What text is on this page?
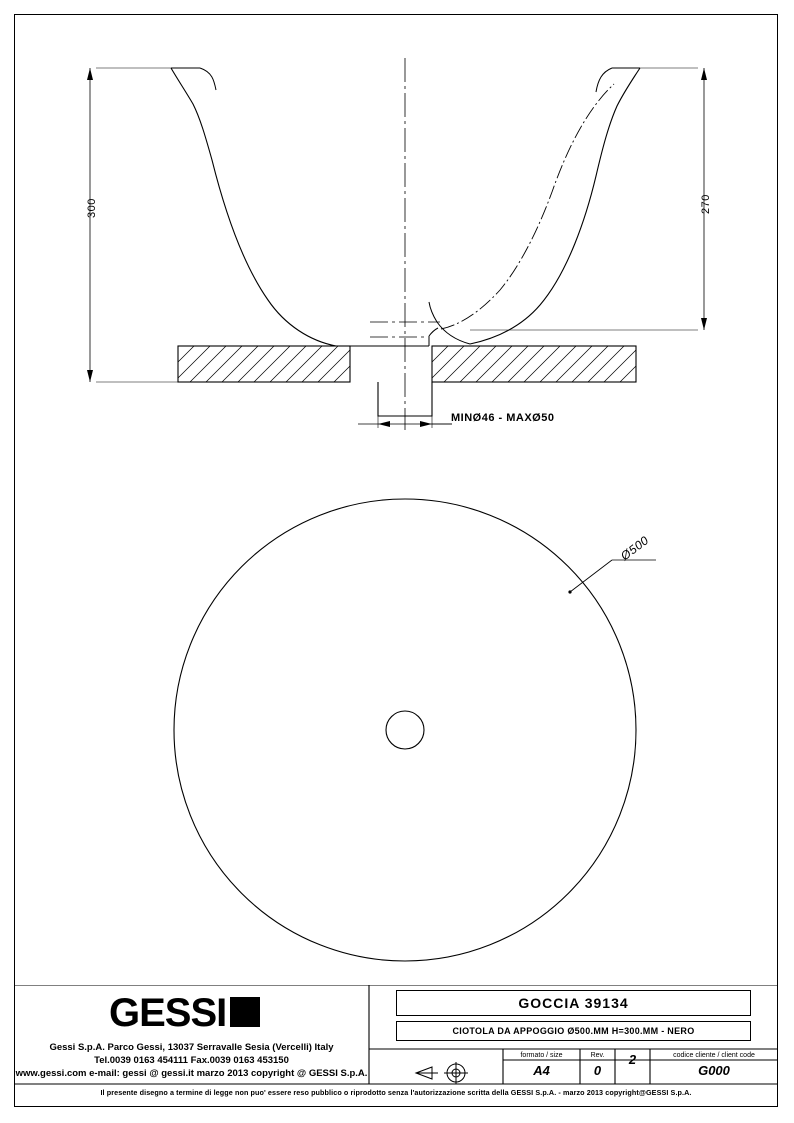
300	270
MINØ46 - MAXØ50
Ø500
GESSI
Gessi S.p.A. Parco Gessi, 13037 Serravalle Sesia (Vercelli) Italy
Tel.0039 0163 454111 Fax.0039 0163 453150
www.gessi.com e-mail: gessi @ gessi.it marzo 2013 copyright @ GESSI S.p.A.
GOCCIA 39134
CIOTOLA DA APPOGGIO Ø500.MM H=300.MM - NERO
formato / size
A4
Rev.
0
2	codice cliente / client code
G000
Il presente disegno a termine di legge non puo' essere reso pubblico o riprodotto senza l'autorizzazione scritta della GESSI S.p.A. - marzo 2013 copyright@GESSI S.p.A.
